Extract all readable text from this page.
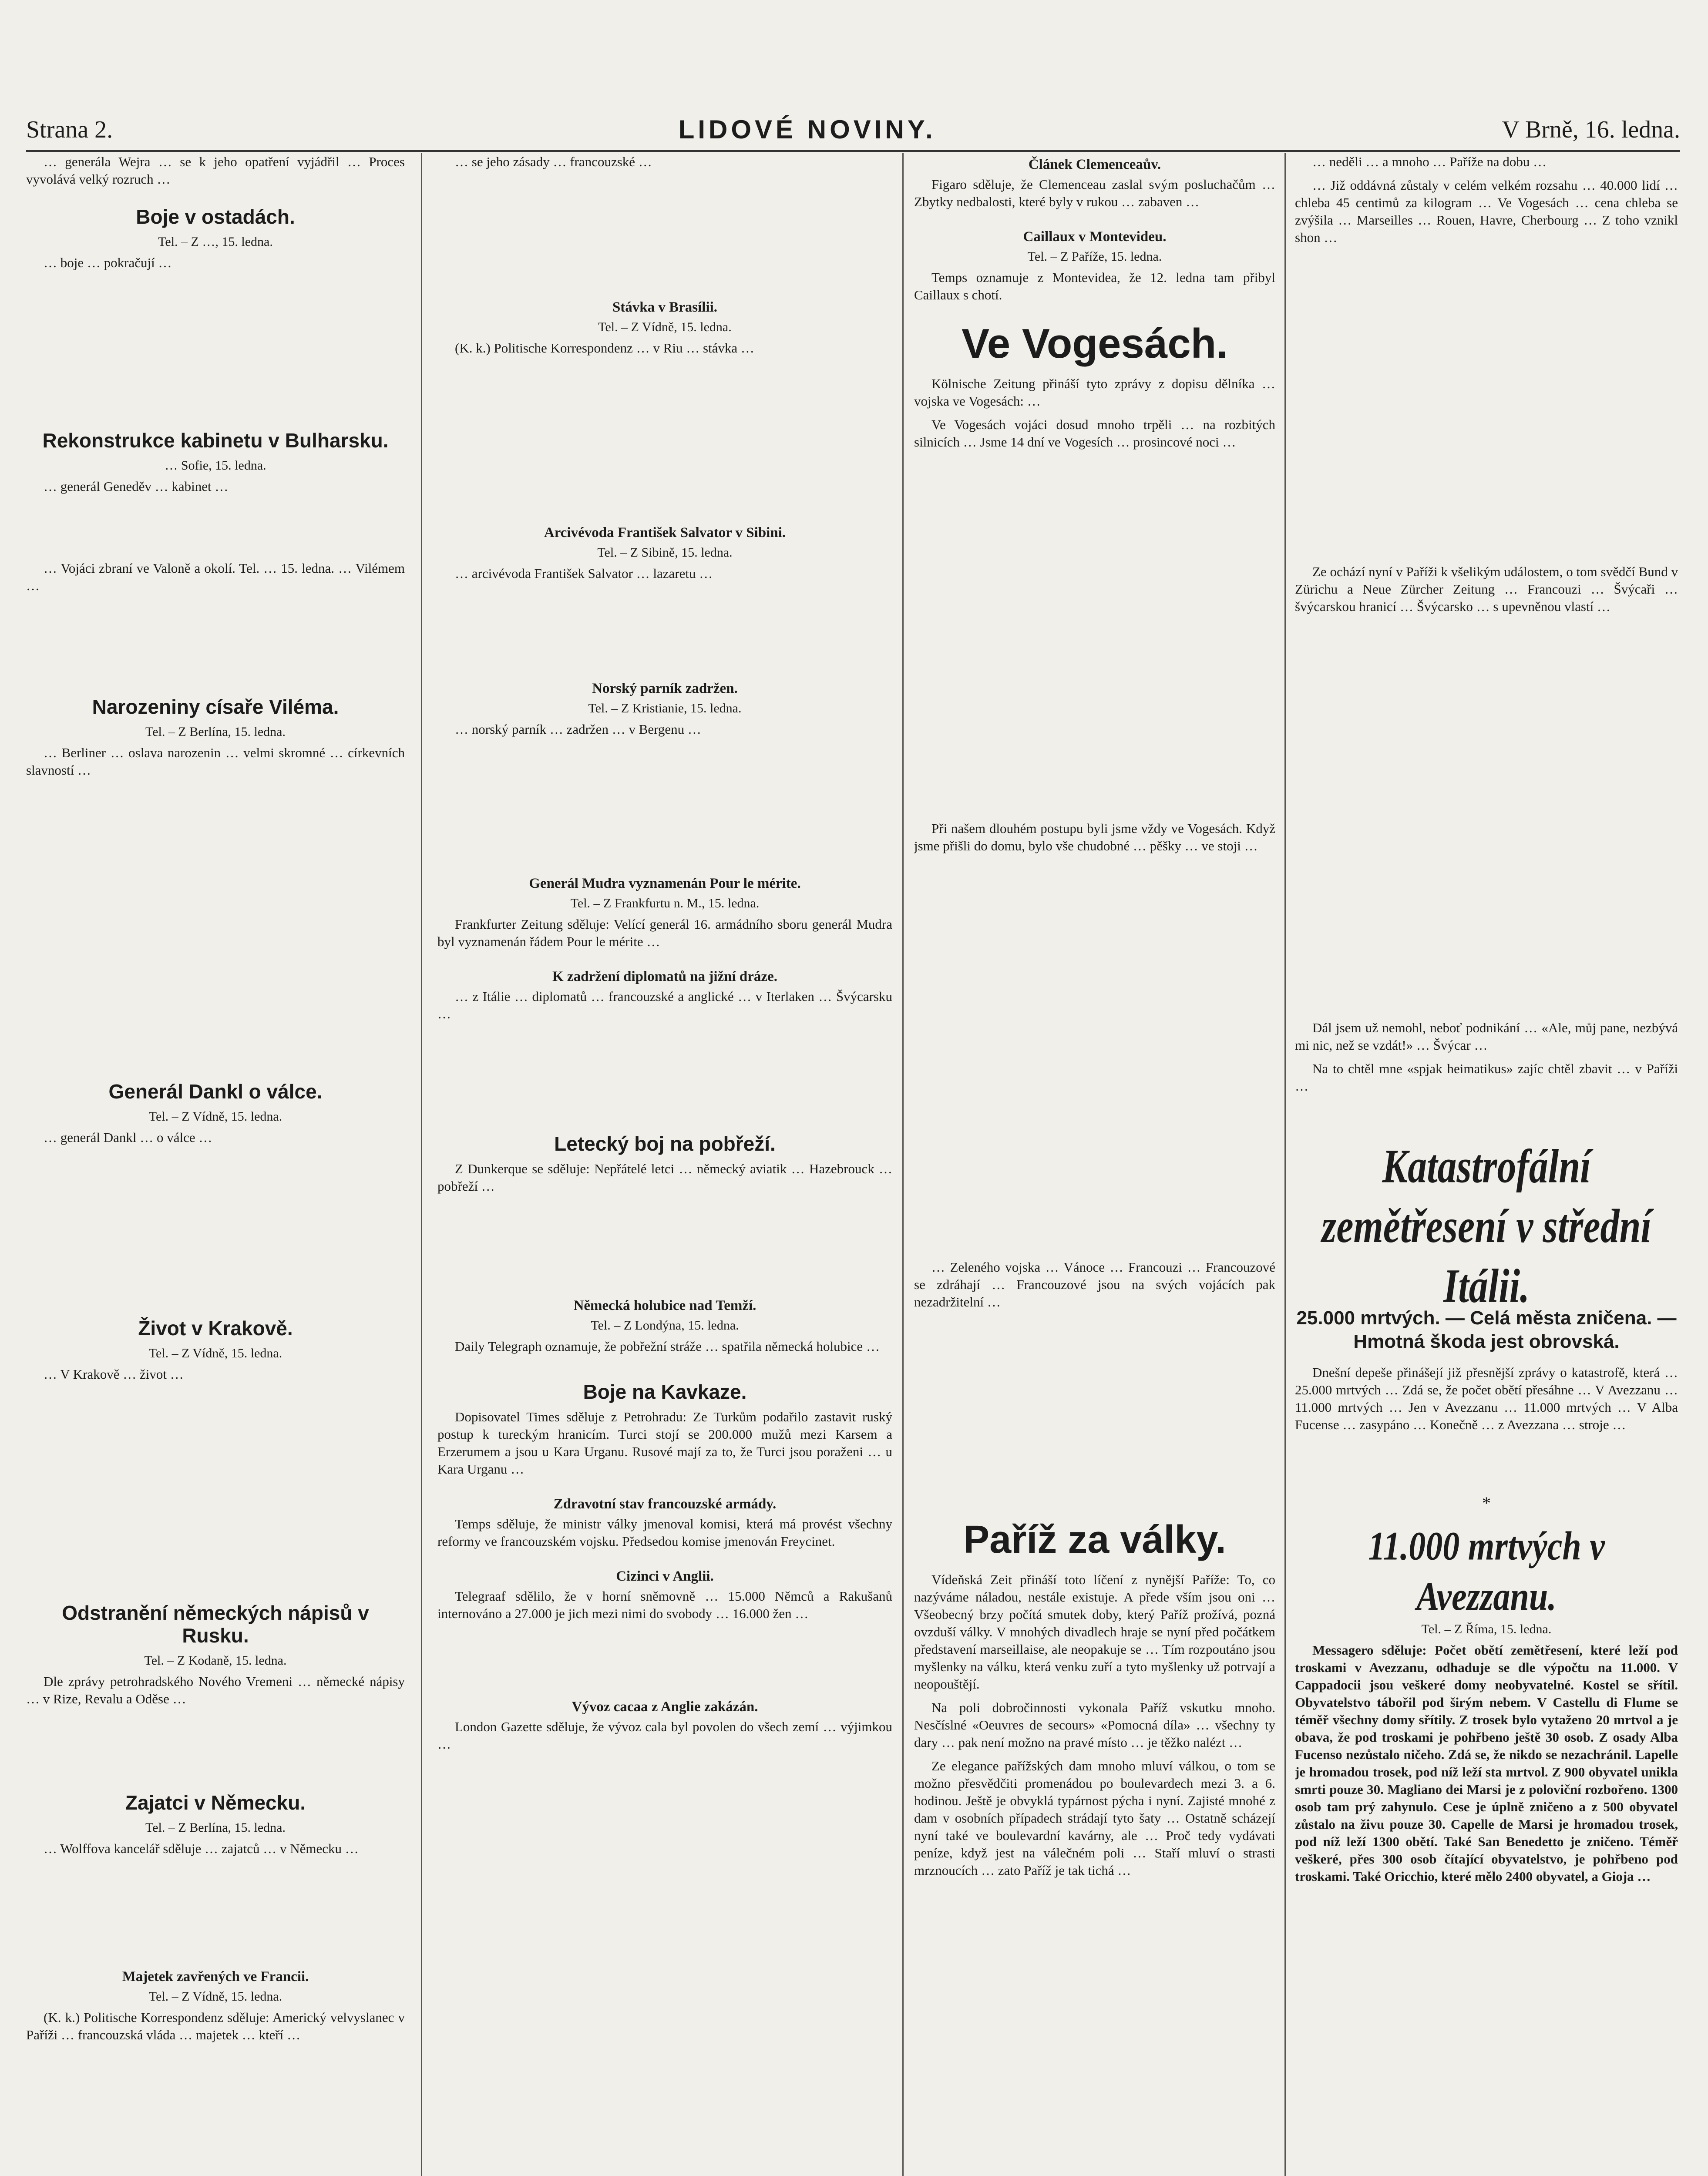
Strana 2.	LIDOVÉ NOVINY.	V Brně, 16. ledna.

… generála Wejra … se k jeho opatření vyjádřil … Proces vyvolává velký rozruch …

Boje v ostadách.
Tel. – Z …, 15. ledna.

… boje … pokračují …

Rekonstrukce kabinetu v Bulharsku.
… Sofie, 15. ledna.

… generál Geneděv … kabinet …

… Vojáci zbraní ve Valoně a okolí. Tel. … 15. ledna. … Vilémem …

Narozeniny císaře Viléma.
Tel. – Z Berlína, 15. ledna.

… Berliner … oslava narozenin … velmi skromné … církevních slavností …

Generál Dankl o válce.
Tel. – Z Vídně, 15. ledna.

… generál Dankl … o válce …

Život v Krakově.
Tel. – Z Vídně, 15. ledna.

… V Krakově … život …

Odstranění německých nápisů v Rusku.
Tel. – Z Kodaně, 15. ledna.

Dle zprávy petrohradského Nového Vremeni … německé nápisy … v Rize, Revalu a Oděse …

Zajatci v Německu.
Tel. – Z Berlína, 15. ledna.

… Wolffova kancelář sděluje … zajatců … v Německu …

Majetek zavřených ve Francii.
Tel. – Z Vídně, 15. ledna.

(K. k.) Politische Korrespondenz sděluje: Americký velvyslanec v Paříži … francouzská vláda … majetek … kteří …

… se jeho zásady … francouzské …

Stávka v Brasílii.
Tel. – Z Vídně, 15. ledna.

(K. k.) Politische Korrespondenz … v Riu … stávka …

Arcivévoda František Salvator v Sibini.
Tel. – Z Sibině, 15. ledna.

… arcivévoda František Salvator … lazaretu …

Norský parník zadržen.
Tel. – Z Kristianie, 15. ledna.

… norský parník … zadržen … v Bergenu …

Generál Mudra vyznamenán Pour le mérite.
Tel. – Z Frankfurtu n. M., 15. ledna.

Frankfurter Zeitung sděluje: Velící generál 16. armádního sboru generál Mudra byl vyznamenán řádem Pour le mérite …

K zadržení diplomatů na jižní dráze.

… z Itálie … diplomatů … francouzské a anglické … v Iterlaken … Švýcarsku …

Letecký boj na pobřeží.

Z Dunkerque se sděluje: Nepřátelé letci … německý aviatik … Hazebrouck … pobřeží …

Německá holubice nad Temží.
Tel. – Z Londýna, 15. ledna.

Daily Telegraph oznamuje, že pobřežní stráže … spatřila německá holubice …

Boje na Kavkaze.

Dopisovatel Times sděluje z Petrohradu: Ze Turkům podařilo zastavit ruský postup k tureckým hranicím. Turci stojí se 200.000 mužů mezi Karsem a Erzerumem a jsou u Kara Urganu. Rusové mají za to, že Turci jsou poraženi … u Kara Urganu …

Zdravotní stav francouzské armády.

Temps sděluje, že ministr války jmenoval komisi, která má provést všechny reformy ve francouzském vojsku. Předsedou komise jmenován Freycinet.

Cizinci v Anglii.

Telegraaf sdělilo, že v horní sněmovně … 15.000 Němců a Rakušanů internováno a 27.000 je jich mezi nimi do svobody … 16.000 žen …

Vývoz cacaa z Anglie zakázán.

London Gazette sděluje, že vývoz cala byl povolen do všech zemí … výjimkou …

Článek Clemenceaův.

Figaro sděluje, že Clemenceau zaslal svým posluchačům … Zbytky nedbalosti, které byly v rukou … zabaven …

Caillaux v Montevideu.
Tel. – Z Paříže, 15. ledna.

Temps oznamuje z Montevidea, že 12. ledna tam přibyl Caillaux s chotí.

Ve Vogesách.

Kölnische Zeitung přináší tyto zprávy z dopisu dělníka … vojska ve Vogesách: …

Ve Vogesách vojáci dosud mnoho trpěli … na rozbitých silnicích … Jsme 14 dní ve Vogesích … prosincové noci …

Při našem dlouhém postupu byli jsme vždy ve Vogesách. Když jsme přišli do domu, bylo vše chudobné … pěšky … ve stoji …

… Zeleného vojska … Vánoce … Francouzi … Francouzové se zdráhají … Francouzové jsou na svých vojácích pak nezadržitelní …

Paříž za války.

Vídeňská Zeit přináší toto líčení z nynější Paříže: To, co nazýváme náladou, nestále existuje. A přede vším jsou oni … Všeobecný brzy počítá smutek doby, který Paříž prožívá, pozná ovzduší války. V mnohých divadlech hraje se nyní před počátkem představení marseillaise, ale neopakuje se … Tím rozpoutáno jsou myšlenky na válku, která venku zuří a tyto myšlenky už potrvají a neopouštějí.

Na poli dobročinnosti vykonala Paříž vskutku mnoho. Nesčíslné «Oeuvres de secours» «Pomocná díla» … všechny ty dary … pak není možno na pravé místo … je těžko nalézt …

Ze elegance pařížských dam mnoho mluví válkou, o tom se možno přesvědčiti promenádou po boulevardech mezi 3. a 6. hodinou. Ještě je obvyklá typárnost pýcha i nyní. Zajisté mnohé z dam v osobních případech strádají tyto šaty … Ostatně scházejí nyní také ve boulevardní kavárny, ale … Proč tedy vydávati peníze, když jest na válečném poli … Staří mluví o strasti mrznoucích … zato Paříž je tak tichá …

… neděli … a mnoho … Paříže na dobu …

… Již oddávná zůstaly v celém velkém rozsahu … 40.000 lidí … chleba 45 centimů za kilogram … Ve Vogesách … cena chleba se zvýšila … Marseilles … Rouen, Havre, Cherbourg … Z toho vznikl shon …

Ze ochází nyní v Paříži k všelikým událostem, o tom svědčí Bund v Zürichu a Neue Zürcher Zeitung … Francouzi … Švýcaři … švýcarskou hranicí … Švýcarsko … s upevněnou vlastí …

Dál jsem už nemohl, neboť podnikání … «Ale, můj pane, nezbývá mi nic, než se vzdát!» … Švýcar …

Na to chtěl mne «spjak heimatikus» zajíc chtěl zbavit … v Paříži …

Katastrofální zemětřesení v střední Itálii.
25.000 mrtvých. — Celá města zničena. — Hmotná škoda jest obrovská.

Dnešní depeše přinášejí již přesnější zprávy o katastrofě, která … 25.000 mrtvých … Zdá se, že počet obětí přesáhne … V Avezzanu … 11.000 mrtvých … Jen v Avezzanu … 11.000 mrtvých … V Alba Fucense … zasypáno … Konečně … z Avezzana … stroje …

*
11.000 mrtvých v Avezzanu.
Tel. – Z Říma, 15. ledna.

Messagero sděluje: Počet obětí zemětřesení, které leží pod troskami v Avezzanu, odhaduje se dle výpočtu na 11.000. V Cappadocii jsou veškeré domy neobyvatelné. Kostel se sřítil. Obyvatelstvo tábořil pod širým nebem. V Castellu di Flume se téměř všechny domy sřítily. Z trosek bylo vytaženo 20 mrtvol a je obava, že pod troskami je pohřbeno ještě 30 osob. Z osady Alba Fucenso nezůstalo ničeho. Zdá se, že nikdo se nezachránil. Lapelle je hromadou trosek, pod níž leží sta mrtvol. Z 900 obyvatel unikla smrti pouze 30. Magliano dei Marsi je z poloviční rozbořeno. 1300 osob tam prý zahynulo. Cese je úplně zničeno a z 500 obyvatel zůstalo na živu pouze 30. Capelle de Marsi je hromadou trosek, pod níž leží 1300 obětí. Také San Benedetto je zničeno. Téměř veškeré, přes 300 osob čítající obyvatelstvo, je pohřbeno pod troskami. Také Oricchio, které mělo 2400 obyvatel, a Gioja …
